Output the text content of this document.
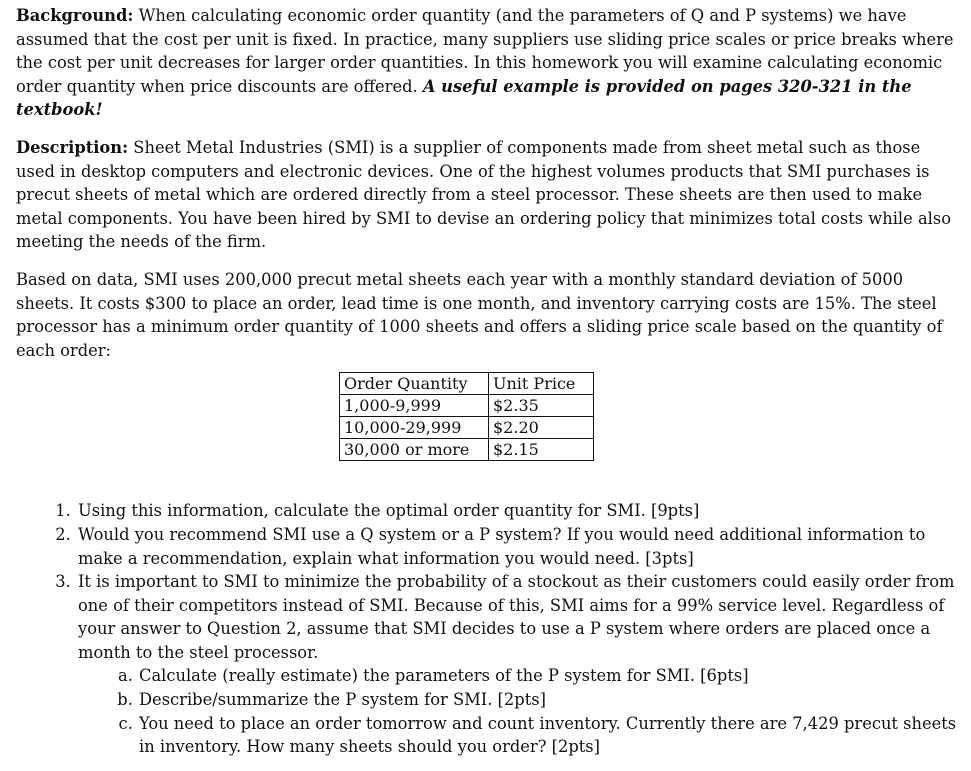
Background: When calculating economic order quantity (and the parameters of Q and P systems) we have assumed that the cost per unit is fixed. In practice, many suppliers use sliding price scales or price breaks where the cost per unit decreases for larger order quantities. In this homework you will examine calculating economic order quantity when price discounts are offered. A useful example is provided on pages 320-321 in the textbook!

Description: Sheet Metal Industries (SMI) is a supplier of components made from sheet metal such as those used in desktop computers and electronic devices. One of the highest volumes products that SMI purchases is precut sheets of metal which are ordered directly from a steel processor. These sheets are then used to make metal components. You have been hired by SMI to devise an ordering policy that minimizes total costs while also meeting the needs of the firm.

Based on data, SMI uses 200,000 precut metal sheets each year with a monthly standard deviation of 5000 sheets. It costs $300 to place an order, lead time is one month, and inventory carrying costs are 15%. The steel processor has a minimum order quantity of 1000 sheets and offers a sliding price scale based on the quantity of each order:

Order Quantity	Unit Price
1,000-9,999	$2.35
10,000-29,999	$2.20
30,000 or more	$2.15
1. Using this information, calculate the optimal order quantity for SMI. [9pts]
2. Would you recommend SMI use a Q system or a P system? If you would need additional information to make a recommendation, explain what information you would need. [3pts]
3. It is important to SMI to minimize the probability of a stockout as their customers could easily order from one of their competitors instead of SMI. Because of this, SMI aims for a 99% service level. Regardless of your answer to Question 2, assume that SMI decides to use a P system where orders are placed once a month to the steel processor.
a. Calculate (really estimate) the parameters of the P system for SMI. [6pts]
b. Describe/summarize the P system for SMI. [2pts]
c. You need to place an order tomorrow and count inventory. Currently there are 7,429 precut sheets in inventory. How many sheets should you order? [2pts]
